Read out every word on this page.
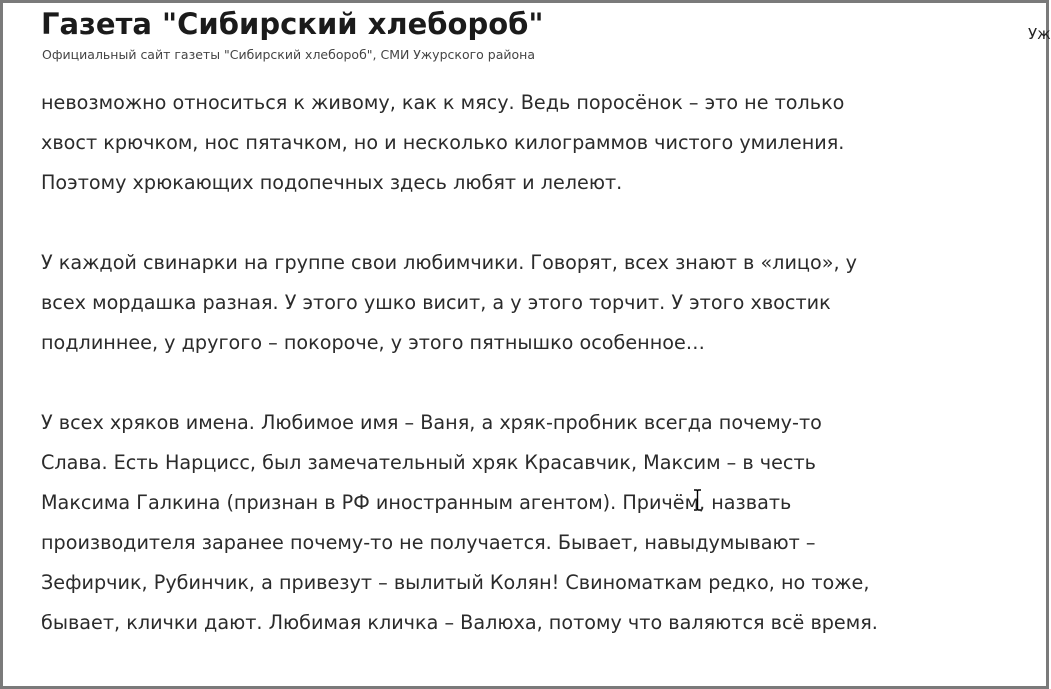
Газета "Сибирский хлебороб"
Официальный сайт газеты "Сибирский хлебороб", СМИ Ужурского района
Уж

невозможно относиться к живому, как к мясу. Ведь поросёнок – это не только
хвост крючком, нос пятачком, но и несколько килограммов чистого умиления.
Поэтому хрюкающих подопечных здесь любят и лелеют.

У каждой свинарки на группе свои любимчики. Говорят, всех знают в «лицо», у
всех мордашка разная. У этого ушко висит, а у этого торчит. У этого хвостик
подлиннее, у другого – покороче, у этого пятнышко особенное…

У всех хряков имена. Любимое имя – Ваня, а хряк-пробник всегда почему-то
Слава. Есть Нарцисс, был замечательный хряк Красавчик, Максим – в честь
Максима Галкина (признан в РФ иностранным агентом). Причём, назвать
производителя заранее почему-то не получается. Бывает, навыдумывают –
Зефирчик, Рубинчик, а привезут – вылитый Колян! Свиноматкам редко, но тоже,
бывает, клички дают. Любимая кличка – Валюха, потому что валяются всё время.
